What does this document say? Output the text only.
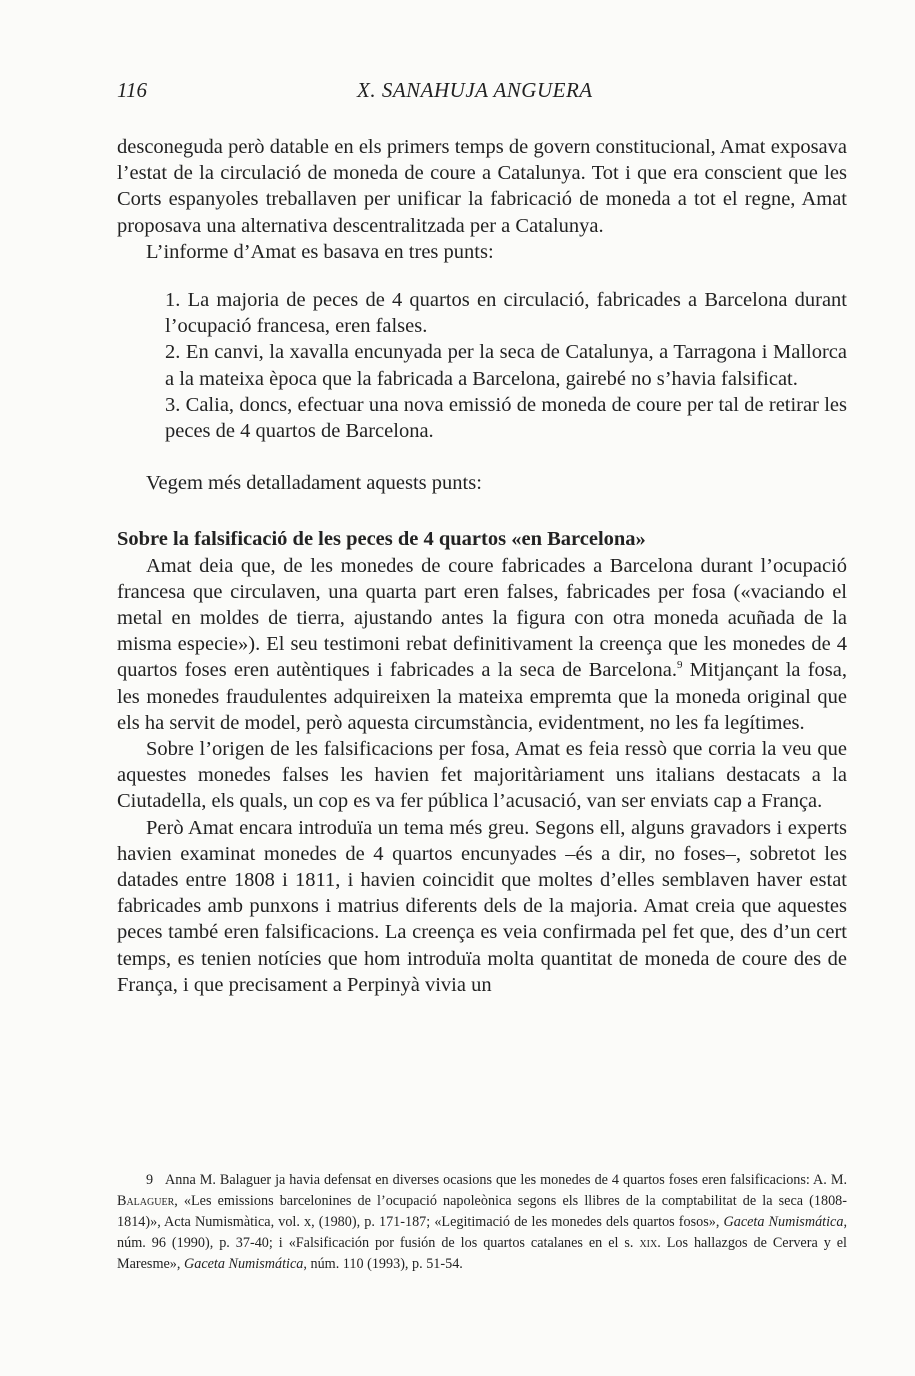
116	X. SANAHUJA ANGUERA

desconeguda però datable en els primers temps de govern constitucional, Amat exposava l’estat de la circulació de moneda de coure a Catalunya. Tot i que era conscient que les Corts espanyoles treballaven per unificar la fabricació de moneda a tot el regne, Amat proposava una alternativa descentralitzada per a Catalunya.

L’informe d’Amat es basava en tres punts:

1. La majoria de peces de 4 quartos en circulació, fabricades a Barcelona durant l’ocupació francesa, eren falses.

2. En canvi, la xavalla encunyada per la seca de Catalunya, a Tarragona i Mallorca a la mateixa època que la fabricada a Barcelona, gairebé no s’havia falsificat.

3. Calia, doncs, efectuar una nova emissió de moneda de coure per tal de retirar les peces de 4 quartos de Barcelona.

Vegem més detalladament aquests punts:

Sobre la falsificació de les peces de 4 quartos «en Barcelona»

Amat deia que, de les monedes de coure fabricades a Barcelona durant l’ocupació francesa que circulaven, una quarta part eren falses, fabricades per fosa («vaciando el metal en moldes de tierra, ajustando antes la figura con otra moneda acuñada de la misma especie»). El seu testimoni rebat definitivament la creença que les monedes de 4 quartos foses eren autèntiques i fabricades a la seca de Barcelona.$^9$ Mitjançant la fosa, les monedes fraudulentes adquireixen la mateixa empremta que la moneda original que els ha servit de model, però aquesta circumstància, evidentment, no les fa legítimes.

Sobre l’origen de les falsificacions per fosa, Amat es feia ressò que corria la veu que aquestes monedes falses les havien fet majoritàriament uns italians destacats a la Ciutadella, els quals, un cop es va fer pública l’acusació, van ser enviats cap a França.

Però Amat encara introduïa un tema més greu. Segons ell, alguns gravadors i experts havien examinat monedes de 4 quartos encunyades –és a dir, no foses–, sobretot les datades entre 1808 i 1811, i havien coincidit que moltes d’elles semblaven haver estat fabricades amb punxons i matrius diferents dels de la majoria. Amat creia que aquestes peces també eren falsificacions. La creença es veia confirmada pel fet que, des d’un cert temps, es tenien notícies que hom introduïa molta quantitat de moneda de coure des de França, i que precisament a Perpinyà vivia un

9 Anna M. Balaguer ja havia defensat en diverses ocasions que les monedes de 4 quartos foses eren falsificacions: A. M. Balaguer, «Les emissions barcelonines de l’ocupació napoleònica segons els llibres de la comptabilitat de la seca (1808-1814)», Acta Numismàtica, vol. x, (1980), p. 171-187; «Legitimació de les monedes dels quartos fosos», Gaceta Numismática, núm. 96 (1990), p. 37-40; i «Falsificación por fusión de los quartos catalanes en el s. xix. Los hallazgos de Cervera y el Maresme», Gaceta Numismática, núm. 110 (1993), p. 51-54.
